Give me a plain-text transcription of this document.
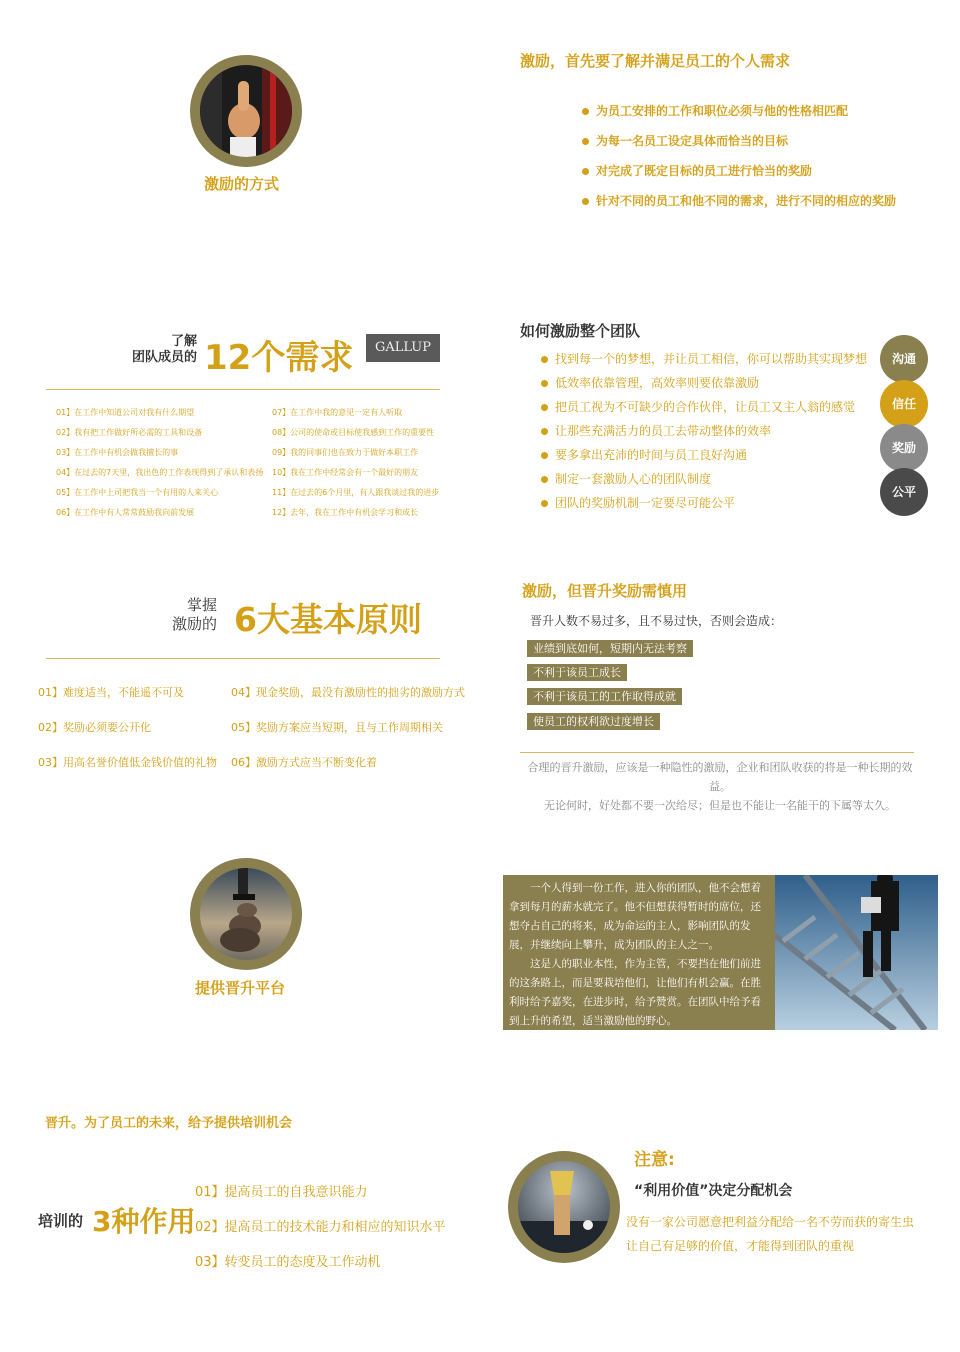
激励的方式
激励，首先要了解并满足员工的个人需求
为员工安排的工作和职位必须与他的性格相匹配
为每一名员工设定具体而恰当的目标
对完成了既定目标的员工进行恰当的奖励
针对不同的员工和他不同的需求，进行不同的相应的奖励
了解
团队成员的 12个需求	GALLUP
01】在工作中知道公司对我有什么期望
02】我有把工作做好所必需的工具和设备
03】在工作中有机会做我擅长的事
04】在过去的7天里，我出色的工作表现得到了承认和表扬
05】在工作中上司把我当一个有用的人来关心
06】在工作中有人常常鼓励我向前发展
07】在工作中我的意见一定有人听取
08】公司的使命或目标使我感到工作的重要性
09】我的同事们也在致力于做好本职工作
10】我在工作中经常会有一个最好的朋友
11】在过去的6个月里，有人跟我谈过我的进步
12】去年，我在工作中有机会学习和成长
如何激励整个团队
找到每一个的梦想，并让员工相信，你可以帮助其实现梦想
低效率依靠管理，高效率则要依靠激励
把员工视为不可缺少的合作伙伴，让员工又主人翁的感觉
让那些充满活力的员工去带动整体的效率
要多拿出充沛的时间与员工良好沟通
制定一套激励人心的团队制度
团队的奖励机制一定要尽可能公平
沟通
信任
奖励
公平
掌握
激励的 6大基本原则
01】难度适当，不能遥不可及
02】奖励必须要公开化
03】用高名誉价值低金钱价值的礼物
04】现金奖励，最没有激励性的拙劣的激励方式
05】奖励方案应当短期，且与工作周期相关
06】激励方式应当不断变化着
激励，但晋升奖励需慎用
晋升人数不易过多，且不易过快，否则会造成：
业绩到底如何，短期内无法考察
不利于该员工成长
不利于该员工的工作取得成就
使员工的权利欲过度增长
合理的晋升激励，应该是一种隐性的激励，企业和团队收获的将是一种长期的效益。
无论何时，好处都不要一次给尽；但是也不能让一名能干的下属等太久。
提供晋升平台

一个人得到一份工作，进入你的团队，他不会想着拿到每月的薪水就完了。他不但想获得暂时的席位，还想夺占自己的将来，成为命运的主人，影响团队的发展，并继续向上攀升，成为团队的主人之一。

这是人的职业本性，作为主管，不要挡在他们前进的这条路上，而是要栽培他们，让他们有机会赢。在胜利时给予嘉奖，在进步时，给予赞赏。在团队中给予看到上升的希望，适当激励他的野心。

晋升。为了员工的未来，给予提供培训机会
培训的 3种作用
01】提高员工的自我意识能力
02】提高员工的技术能力和相应的知识水平
03】转变员工的态度及工作动机
注意:
“利用价值”决定分配机会
没有一家公司愿意把利益分配给一名不劳而获的寄生虫
让自己有足够的价值，才能得到团队的重视
